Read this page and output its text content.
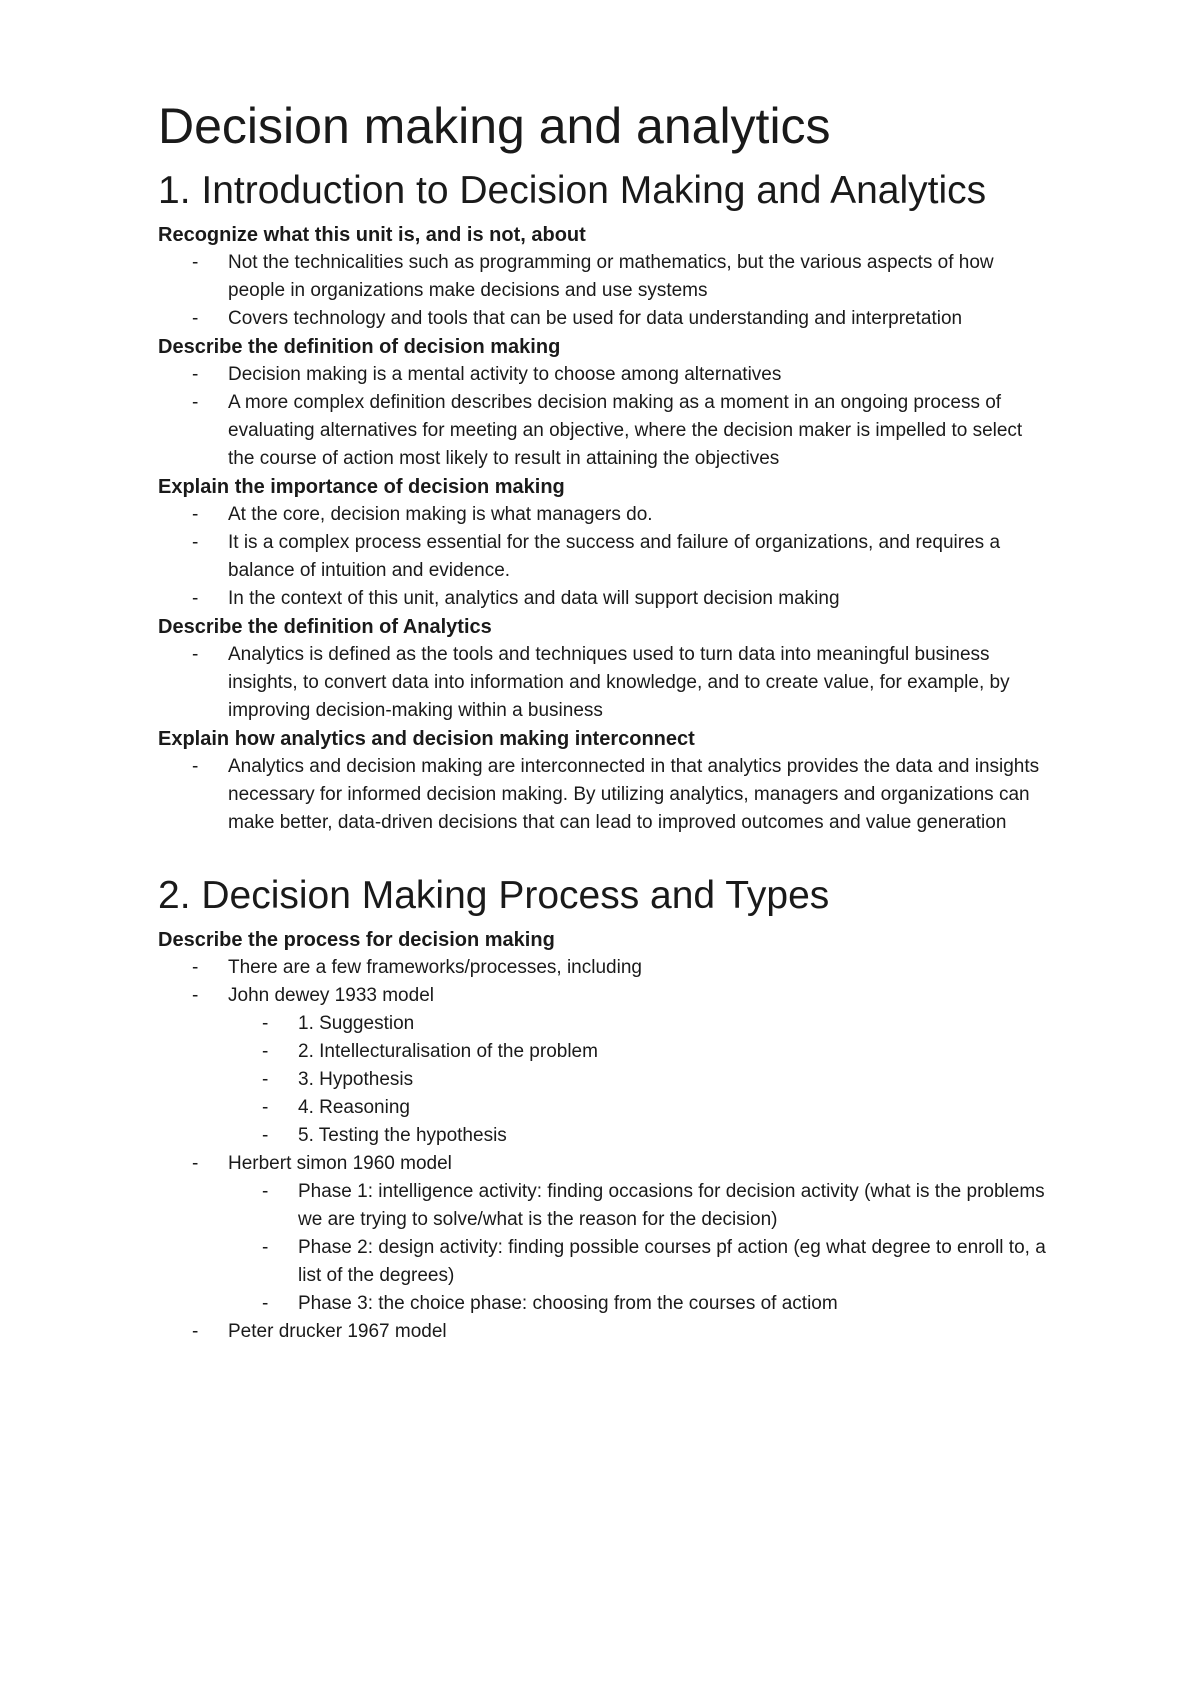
Decision making and analytics
1. Introduction to Decision Making and Analytics
Recognize what this unit is, and is not, about
- Not the technicalities such as programming or mathematics, but the various aspects of how people in organizations make decisions and use systems
- Covers technology and tools that can be used for data understanding and interpretation
Describe the definition of decision making
- Decision making is a mental activity to choose among alternatives
- A more complex definition describes decision making as a moment in an ongoing process of evaluating alternatives for meeting an objective, where the decision maker is impelled to select the course of action most likely to result in attaining the objectives
Explain the importance of decision making
- At the core, decision making is what managers do.
- It is a complex process essential for the success and failure of organizations, and requires a balance of intuition and evidence.
- In the context of this unit, analytics and data will support decision making
Describe the definition of Analytics
- Analytics is defined as the tools and techniques used to turn data into meaningful business insights, to convert data into information and knowledge, and to create value, for example, by improving decision-making within a business
Explain how analytics and decision making interconnect
- Analytics and decision making are interconnected in that analytics provides the data and insights necessary for informed decision making. By utilizing analytics, managers and organizations can make better, data-driven decisions that can lead to improved outcomes and value generation
2. Decision Making Process and Types
Describe the process for decision making
- There are a few frameworks/processes, including
- John dewey 1933 model
- 1. Suggestion
- 2. Intellecturalisation of the problem
- 3. Hypothesis
- 4. Reasoning
- 5. Testing the hypothesis
- Herbert simon 1960 model
- Phase 1: intelligence activity: finding occasions for decision activity (what is the problems we are trying to solve/what is the reason for the decision)
- Phase 2: design activity: finding possible courses pf action (eg what degree to enroll to, a list of the degrees)
- Phase 3: the choice phase: choosing from the courses of actiom
- Peter drucker 1967 model
